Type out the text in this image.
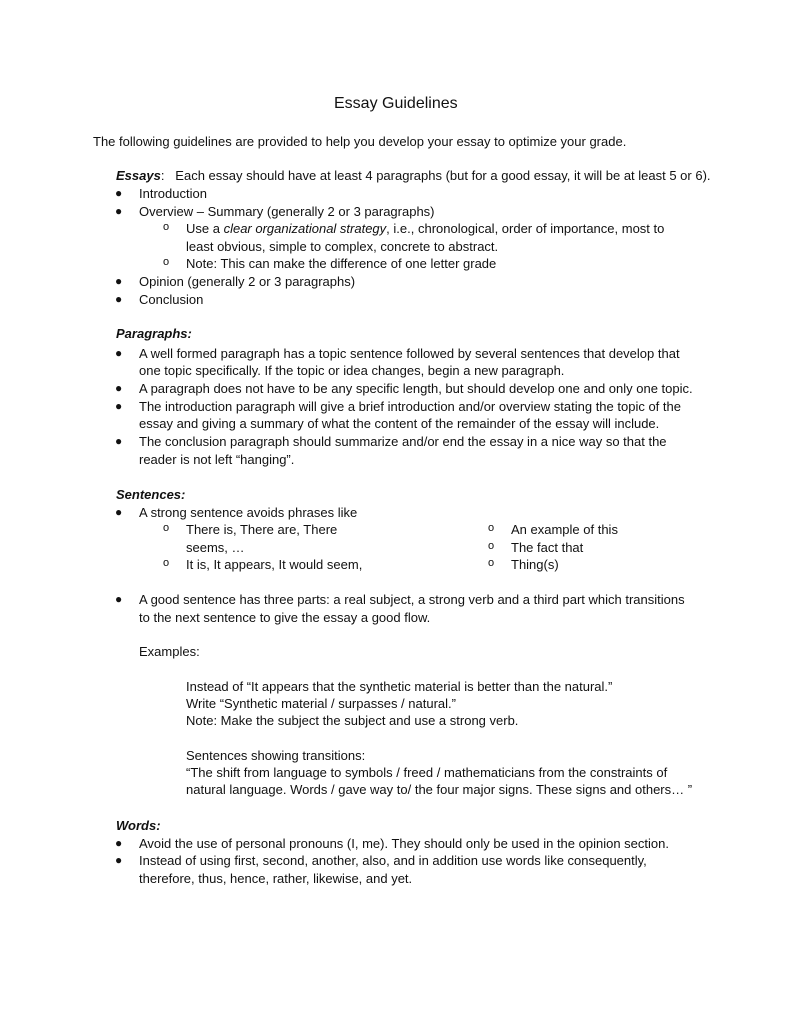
Essay Guidelines
The following guidelines are provided to help you develop your essay to optimize your grade.
Essays: Each essay should have at least 4 paragraphs (but for a good essay, it will be at least 5 or 6).
● Introduction
● Overview – Summary (generally 2 or 3 paragraphs)
o Use a clear organizational strategy, i.e., chronological, order of importance, most to
least obvious, simple to complex, concrete to abstract.
o Note: This can make the difference of one letter grade
● Opinion (generally 2 or 3 paragraphs)
● Conclusion
Paragraphs:
● A well formed paragraph has a topic sentence followed by several sentences that develop that
one topic specifically. If the topic or idea changes, begin a new paragraph.
● A paragraph does not have to be any specific length, but should develop one and only one topic.
● The introduction paragraph will give a brief introduction and/or overview stating the topic of the
essay and giving a summary of what the content of the remainder of the essay will include.
● The conclusion paragraph should summarize and/or end the essay in a nice way so that the
reader is not left “hanging”.
Sentences:
● A strong sentence avoids phrases like
o There is, There are, There
seems, …
o It is, It appears, It would seem,
o An example of this
o The fact that
o Thing(s)
● A good sentence has three parts: a real subject, a strong verb and a third part which transitions
to the next sentence to give the essay a good flow.
Examples:
Instead of “It appears that the synthetic material is better than the natural.”
Write “Synthetic material / surpasses / natural.”
Note: Make the subject the subject and use a strong verb.
Sentences showing transitions:
“The shift from language to symbols / freed / mathematicians from the constraints of
natural language. Words / gave way to/ the four major signs. These signs and others… ”
Words:
● Avoid the use of personal pronouns (I, me). They should only be used in the opinion section.
● Instead of using first, second, another, also, and in addition use words like consequently,
therefore, thus, hence, rather, likewise, and yet.
